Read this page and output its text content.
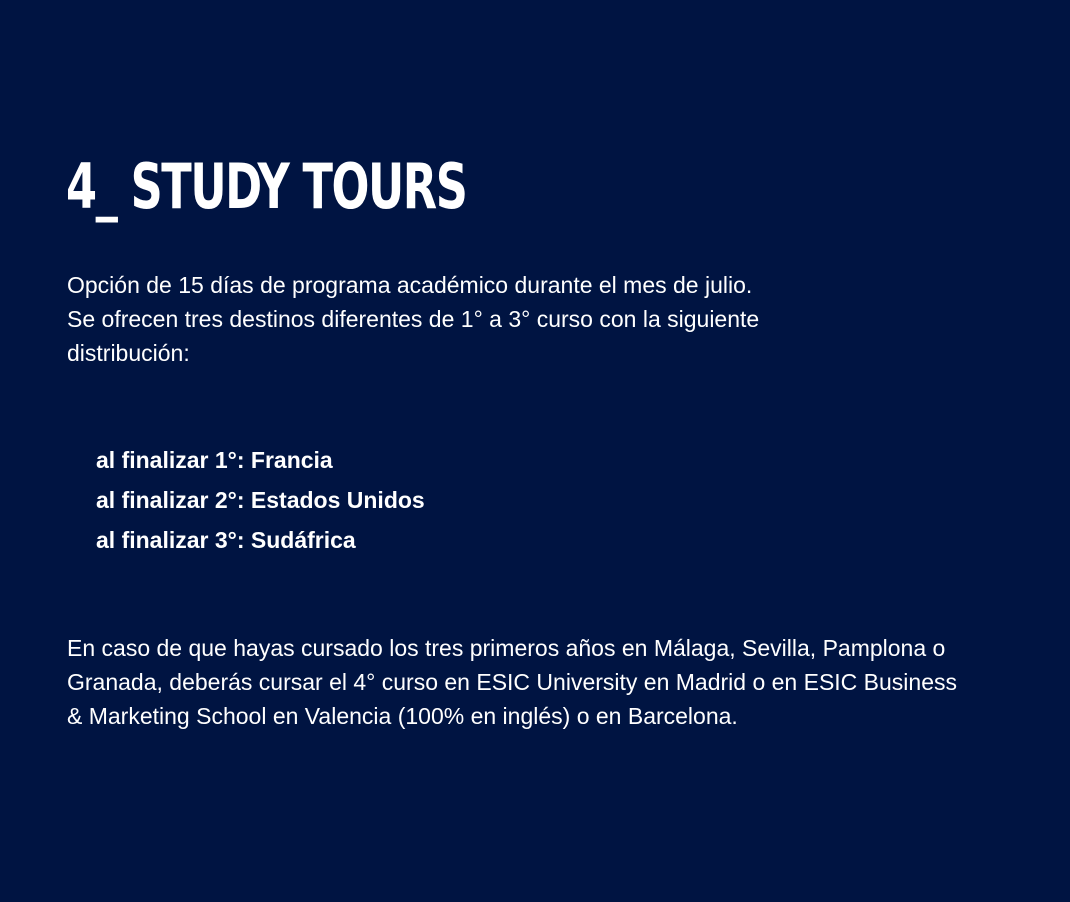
4_ STUDY TOURS

Opción de 15 días de programa académico durante el mes de julio. Se ofrecen tres destinos diferentes de 1° a 3° curso con la siguiente distribución:

al finalizar 1°: Francia
al finalizar 2°: Estados Unidos
al finalizar 3°: Sudáfrica

En caso de que hayas cursado los tres primeros años en Málaga, Sevilla, Pamplona o Granada, deberás cursar el 4° curso en ESIC University en Madrid o en ESIC Business & Marketing School en Valencia (100% en inglés) o en Barcelona.
